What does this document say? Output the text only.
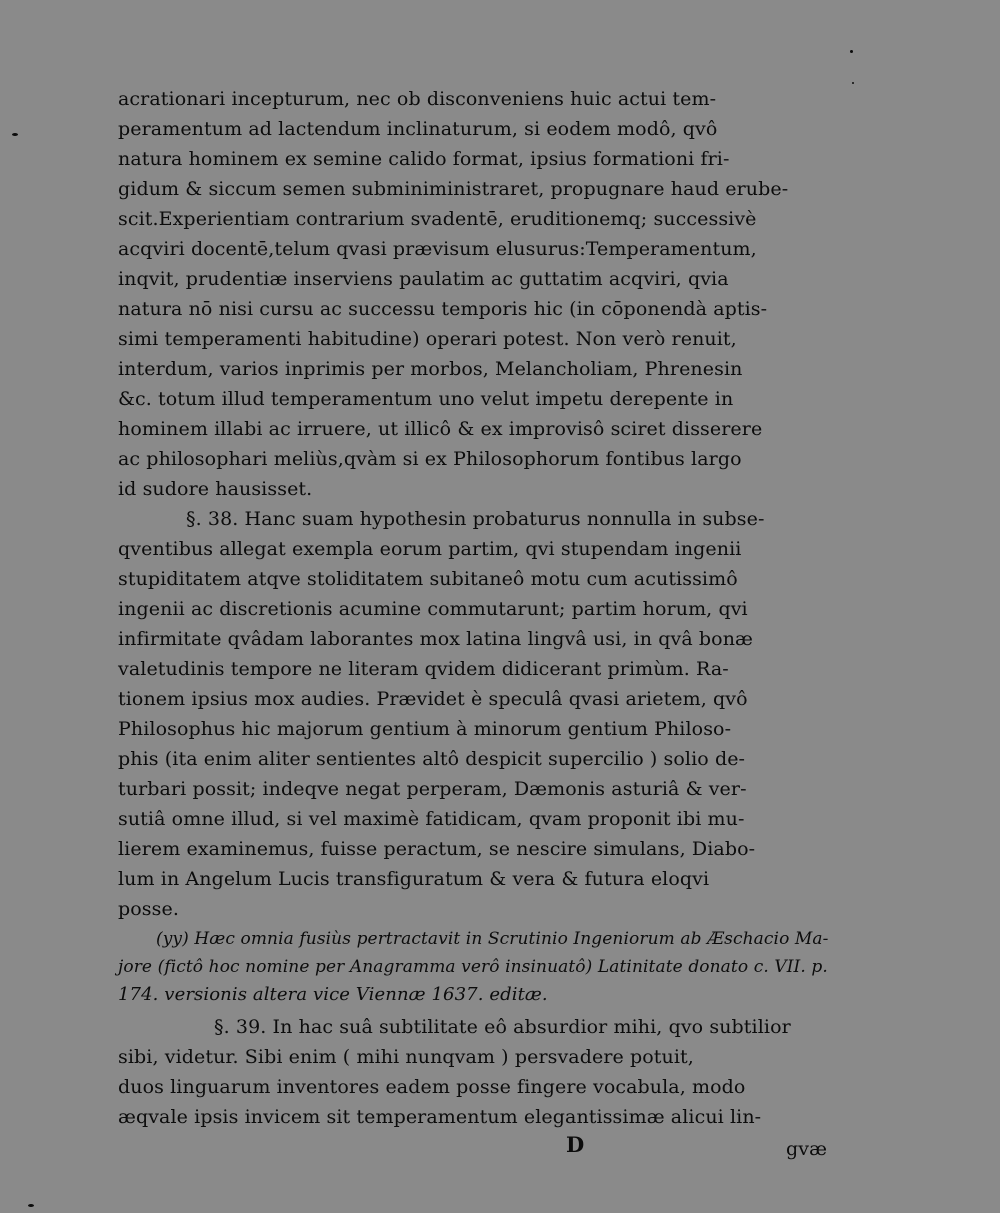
acrationari incepturum, nec ob disconveniens huic actui tem-
peramentum ad lactendum inclinaturum, si eodem modô, qvô
natura hominem ex semine calido format, ipsius formationi fri-
gidum & siccum semen subminiministraret, propugnare haud erube-
scit.Experientiam contrarium svadentē, eruditionemq; successivè
acqviri docentē,telum qvasi prævisum elusurus:Temperamentum,
inqvit, prudentiæ inserviens paulatim ac guttatim acqviri, qvia
natura nō nisi cursu ac successu temporis hic (in cōponendà aptis-
simi temperamenti habitudine) operari potest. Non verò renuit,
interdum, varios inprimis per morbos, Melancholiam, Phrenesin
&c. totum illud temperamentum uno velut impetu derepente in
hominem illabi ac irruere, ut illicô & ex improvisô sciret disserere
ac philosophari meliùs,qvàm si ex Philosophorum fontibus largo
id sudore hausisset.
§. 38. Hanc suam hypothesin probaturus nonnulla in subse-
qventibus allegat exempla eorum partim, qvi stupendam ingenii
stupiditatem atqve stoliditatem subitaneô motu cum acutissimô
ingenii ac discretionis acumine commutarunt; partim horum, qvi
infirmitate qvâdam laborantes mox latina lingvâ usi, in qvâ bonæ
valetudinis tempore ne literam qvidem didicerant primùm. Ra-
tionem ipsius mox audies. Prævidet è speculâ qvasi arietem, qvô
Philosophus hic majorum gentium à minorum gentium Philoso-
phis (ita enim aliter sentientes altô despicit supercilio ) solio de-
turbari possit; indeqve negat perperam, Dæmonis asturiâ & ver-
sutiâ omne illud, si vel maximè fatidicam, qvam proponit ibi mu-
lierem examinemus, fuisse peractum, se nescire simulans, Diabo-
lum in Angelum Lucis transfiguratum & vera & futura eloqvi
posse.
(yy) Hæc omnia fusiùs pertractavit in Scrutinio Ingeniorum ab Æschacio Ma-
jore (fictô hoc nomine per Anagramma verô insinuatô) Latinitate donato c. VII. p.
174. versionis altera vice Viennæ 1637. editæ.
§. 39. In hac suâ subtilitate eô absurdior mihi, qvo subtilior
sibi, videtur. Sibi enim ( mihi nunqvam ) persvadere potuit,
duos linguarum inventores eadem posse fingere vocabula, modo
æqvale ipsis invicem sit temperamentum elegantissimæ alicui lin-
D	gvæ
